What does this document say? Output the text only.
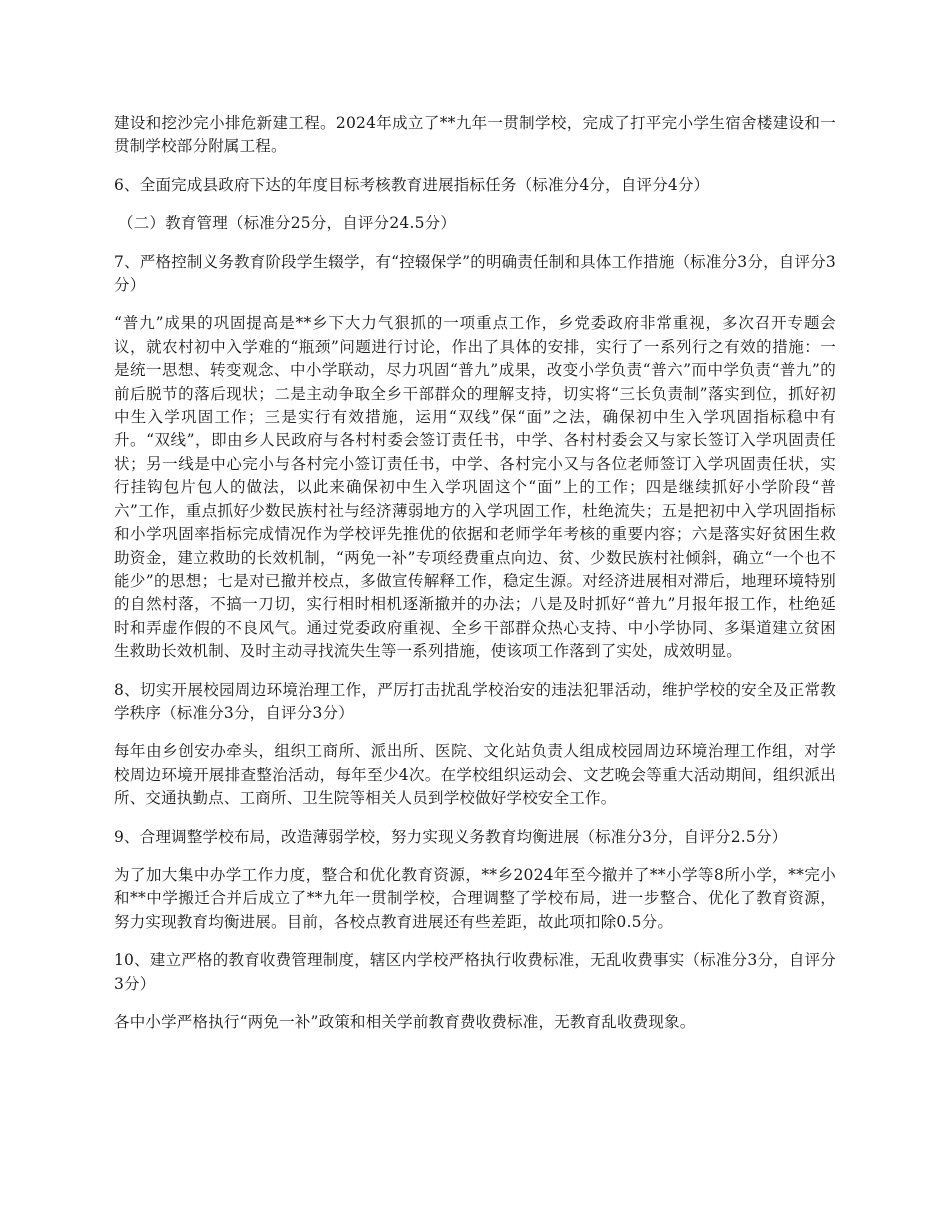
建设和挖沙完小排危新建工程。2024年成立了**九年一贯制学校，完成了打平完小学生宿舍楼建设和一贯制学校部分附属工程。

6、全面完成县政府下达的年度目标考核教育进展指标任务（标准分4分，自评分4分）

（二）教育管理（标准分25分，自评分24.5分）

7、严格控制义务教育阶段学生辍学，有“控辍保学”的明确责任制和具体工作措施（标准分3分，自评分3分）

“普九”成果的巩固提高是**乡下大力气狠抓的一项重点工作，乡党委政府非常重视，多次召开专题会议，就农村初中入学难的“瓶颈”问题进行讨论，作出了具体的安排，实行了一系列行之有效的措施：一是统一思想、转变观念、中小学联动，尽力巩固“普九”成果，改变小学负责“普六”而中学负责“普九”的前后脱节的落后现状；二是主动争取全乡干部群众的理解支持，切实将“三长负责制”落实到位，抓好初中生入学巩固工作；三是实行有效措施，运用“双线”保“面”之法，确保初中生入学巩固指标稳中有升。“双线”，即由乡人民政府与各村村委会签订责任书，中学、各村村委会又与家长签订入学巩固责任状；另一线是中心完小与各村完小签订责任书，中学、各村完小又与各位老师签订入学巩固责任状，实行挂钩包片包人的做法，以此来确保初中生入学巩固这个“面”上的工作；四是继续抓好小学阶段“普六”工作，重点抓好少数民族村社与经济薄弱地方的入学巩固工作，杜绝流失；五是把初中入学巩固指标和小学巩固率指标完成情况作为学校评先推优的依据和老师学年考核的重要内容；六是落实好贫困生救助资金，建立救助的长效机制，“两免一补”专项经费重点向边、贫、少数民族村社倾斜，确立“一个也不能少”的思想；七是对已撤并校点，多做宣传解释工作，稳定生源。对经济进展相对滞后，地理环境特别的自然村落，不搞一刀切，实行相时相机逐渐撤并的办法；八是及时抓好“普九”月报年报工作，杜绝延时和弄虚作假的不良风气。通过党委政府重视、全乡干部群众热心支持、中小学协同、多渠道建立贫困生救助长效机制、及时主动寻找流失生等一系列措施，使该项工作落到了实处，成效明显。

8、切实开展校园周边环境治理工作，严厉打击扰乱学校治安的违法犯罪活动，维护学校的安全及正常教学秩序（标准分3分，自评分3分）

每年由乡创安办牵头，组织工商所、派出所、医院、文化站负责人组成校园周边环境治理工作组，对学校周边环境开展排查整治活动，每年至少4次。在学校组织运动会、文艺晚会等重大活动期间，组织派出所、交通执勤点、工商所、卫生院等相关人员到学校做好学校安全工作。

9、合理调整学校布局，改造薄弱学校，努力实现义务教育均衡进展（标准分3分，自评分2.5分）

为了加大集中办学工作力度，整合和优化教育资源，**乡2024年至今撤并了**小学等8所小学，**完小和**中学搬迁合并后成立了**九年一贯制学校，合理调整了学校布局，进一步整合、优化了教育资源，努力实现教育均衡进展。目前，各校点教育进展还有些差距，故此项扣除0.5分。

10、建立严格的教育收费管理制度，辖区内学校严格执行收费标准，无乱收费事实（标准分3分，自评分3分）

各中小学严格执行“两免一补”政策和相关学前教育费收费标准，无教育乱收费现象。
